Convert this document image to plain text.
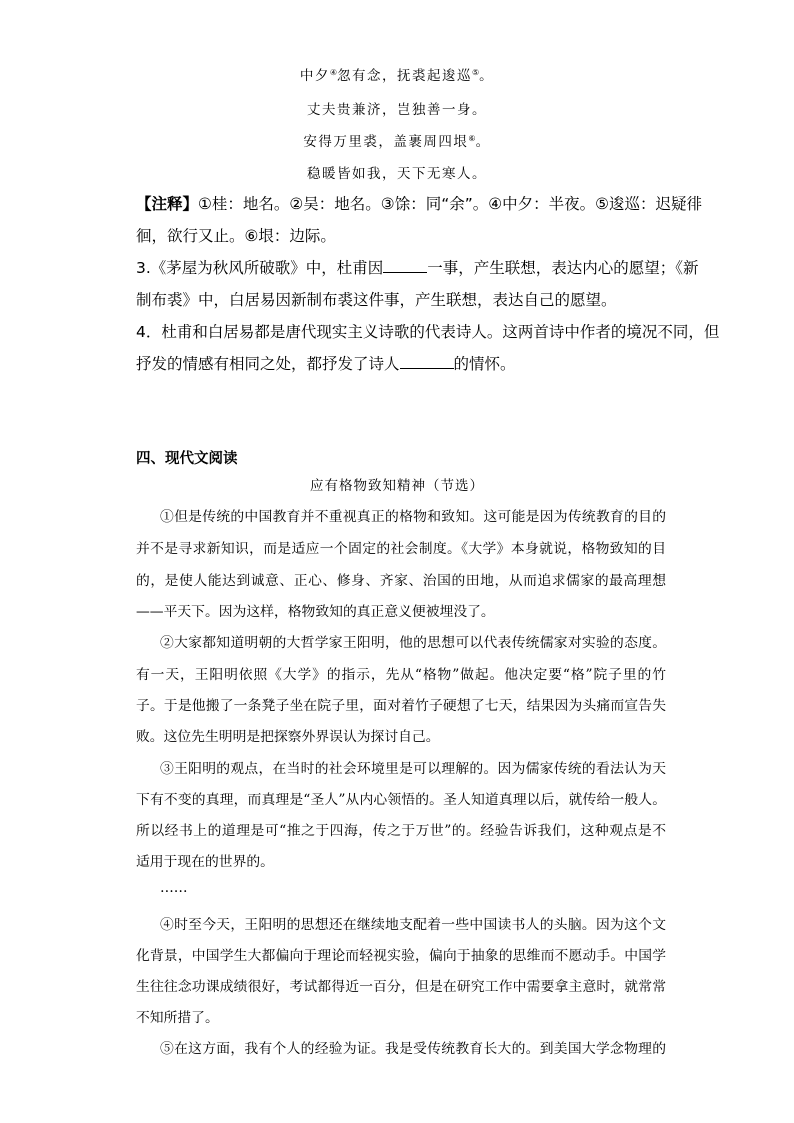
中夕④忽有念，抚裘起逡巡⑤。
丈夫贵兼济，岂独善一身。
安得万里裘，盖裹周四垠⑥。
稳暖皆如我，天下无寒人。
【注释】①桂：地名。②吴：地名。③馀：同“余”。④中夕：半夜。⑤逡巡：迟疑徘
徊，欲行又止。⑥垠：边际。
3.《茅屋为秋风所破歌》中，杜甫因	一事，产生联想，表达内心的愿望；《新
制布裘》中，白居易因新制布裘这件事，产生联想，表达自己的愿望。
4．杜甫和白居易都是唐代现实主义诗歌的代表诗人。这两首诗中作者的境况不同，但
抒发的情感有相同之处，都抒发了诗人	的情怀。
四、现代文阅读
应有格物致知精神（节选）
①但是传统的中国教育并不重视真正的格物和致知。这可能是因为传统教育的目的
并不是寻求新知识，而是适应一个固定的社会制度。《大学》本身就说，格物致知的目
的，是使人能达到诚意、正心、修身、齐家、治国的田地，从而追求儒家的最高理想
——平天下。因为这样，格物致知的真正意义便被埋没了。
②大家都知道明朝的大哲学家王阳明，他的思想可以代表传统儒家对实验的态度。
有一天，王阳明依照《大学》的指示，先从“格物”做起。他决定要“格”院子里的竹
子。于是他搬了一条凳子坐在院子里，面对着竹子硬想了七天，结果因为头痛而宣告失
败。这位先生明明是把探察外界误认为探讨自己。
③王阳明的观点，在当时的社会环境里是可以理解的。因为儒家传统的看法认为天
下有不变的真理，而真理是“圣人”从内心领悟的。圣人知道真理以后，就传给一般人。
所以经书上的道理是可“推之于四海，传之于万世”的。经验告诉我们，这种观点是不
适用于现在的世界的。
……
④时至今天，王阳明的思想还在继续地支配着一些中国读书人的头脑。因为这个文
化背景，中国学生大都偏向于理论而轻视实验，偏向于抽象的思维而不愿动手。中国学
生往往念功课成绩很好，考试都得近一百分，但是在研究工作中需要拿主意时，就常常
不知所措了。
⑤在这方面，我有个人的经验为证。我是受传统教育长大的。到美国大学念物理的
